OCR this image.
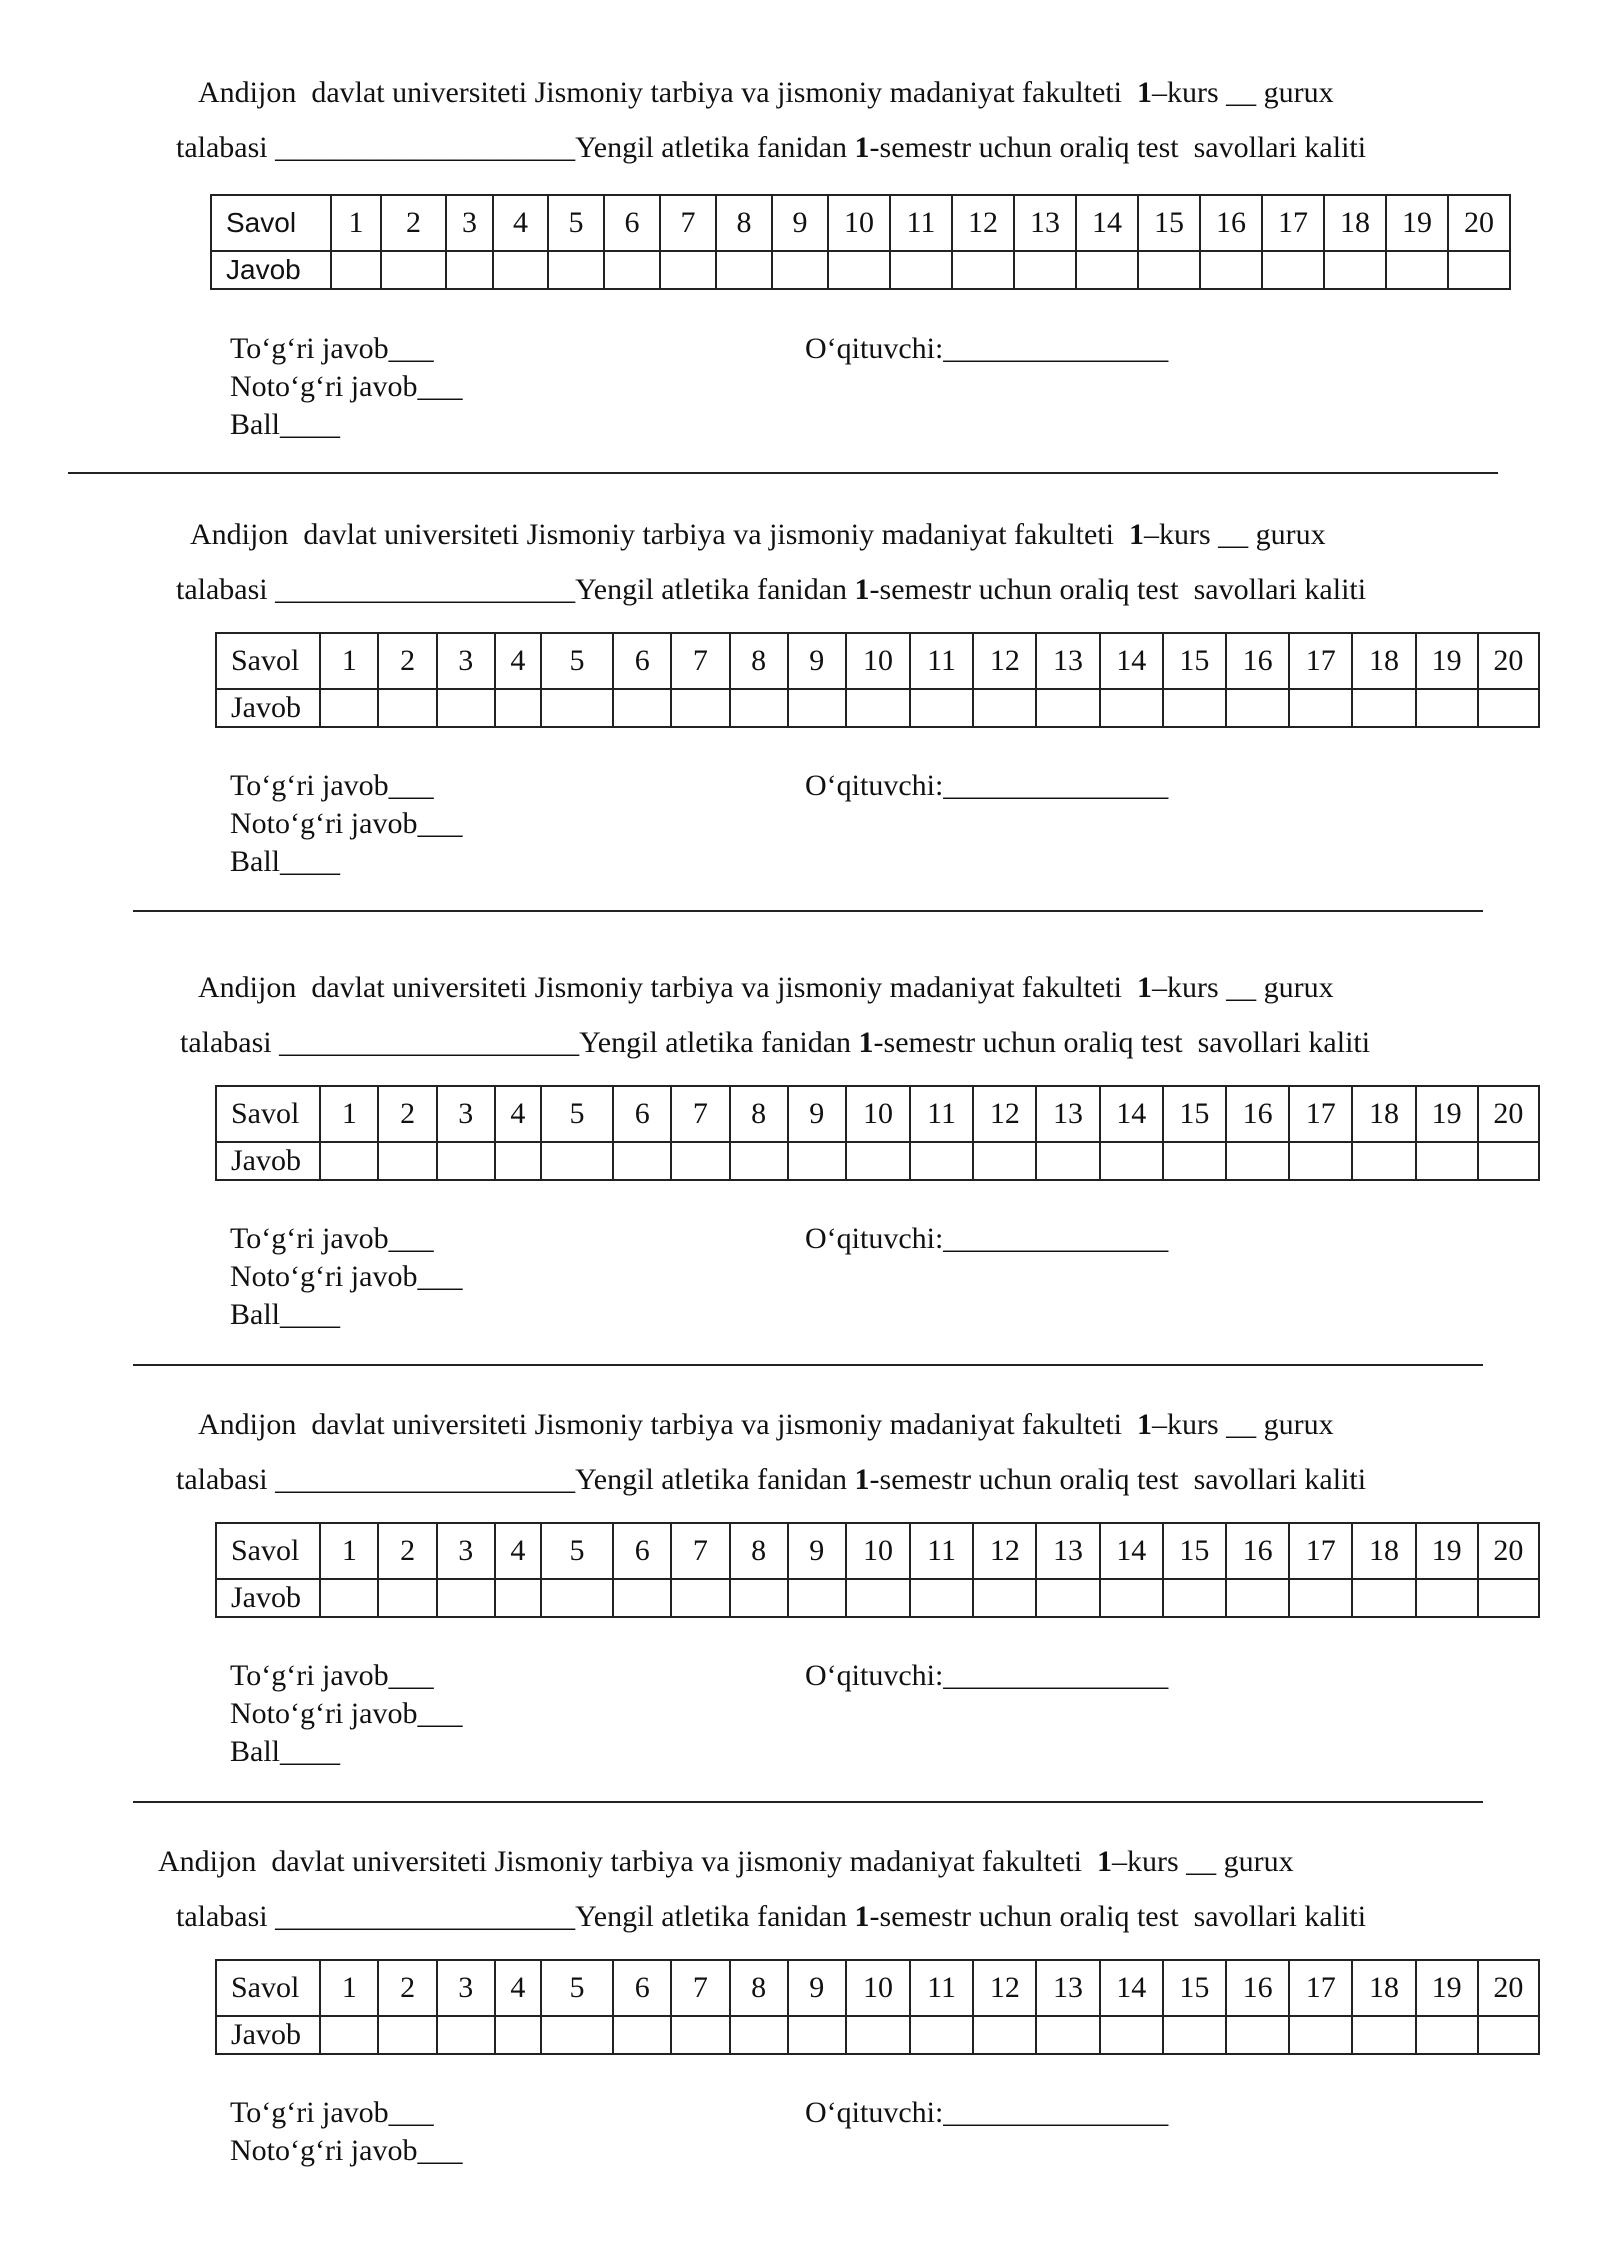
Andijon  davlat universiteti Jismoniy tarbiya va jismoniy madaniyat fakulteti  1–kurs __ gurux
talabasi ____________________Yengil atletika fanidan 1-semestr uchun oraliq test  savollari kaliti
Savol	1	2	3	4	5	6	7	8	9	10	11	12	13	14	15	16	17	18	19	20
Javob																				
To‘g‘ri javob___
Noto‘g‘ri javob___
Ball____
O‘qituvchi:_______________
Andijon  davlat universiteti Jismoniy tarbiya va jismoniy madaniyat fakulteti  1–kurs __ gurux
talabasi ____________________Yengil atletika fanidan 1-semestr uchun oraliq test  savollari kaliti
Savol	1	2	3	4	5	6	7	8	9	10	11	12	13	14	15	16	17	18	19	20
Javob																				
To‘g‘ri javob___
Noto‘g‘ri javob___
Ball____
O‘qituvchi:_______________
Andijon  davlat universiteti Jismoniy tarbiya va jismoniy madaniyat fakulteti  1–kurs __ gurux
talabasi ____________________Yengil atletika fanidan 1-semestr uchun oraliq test  savollari kaliti
Savol	1	2	3	4	5	6	7	8	9	10	11	12	13	14	15	16	17	18	19	20
Javob																				
To‘g‘ri javob___
Noto‘g‘ri javob___
Ball____
O‘qituvchi:_______________
Andijon  davlat universiteti Jismoniy tarbiya va jismoniy madaniyat fakulteti  1–kurs __ gurux
talabasi ____________________Yengil atletika fanidan 1-semestr uchun oraliq test  savollari kaliti
Savol	1	2	3	4	5	6	7	8	9	10	11	12	13	14	15	16	17	18	19	20
Javob																				
To‘g‘ri javob___
Noto‘g‘ri javob___
Ball____
O‘qituvchi:_______________
Andijon  davlat universiteti Jismoniy tarbiya va jismoniy madaniyat fakulteti  1–kurs __ gurux
talabasi ____________________Yengil atletika fanidan 1-semestr uchun oraliq test  savollari kaliti
Savol	1	2	3	4	5	6	7	8	9	10	11	12	13	14	15	16	17	18	19	20
Javob																				
To‘g‘ri javob___
Noto‘g‘ri javob___
O‘qituvchi:_______________
